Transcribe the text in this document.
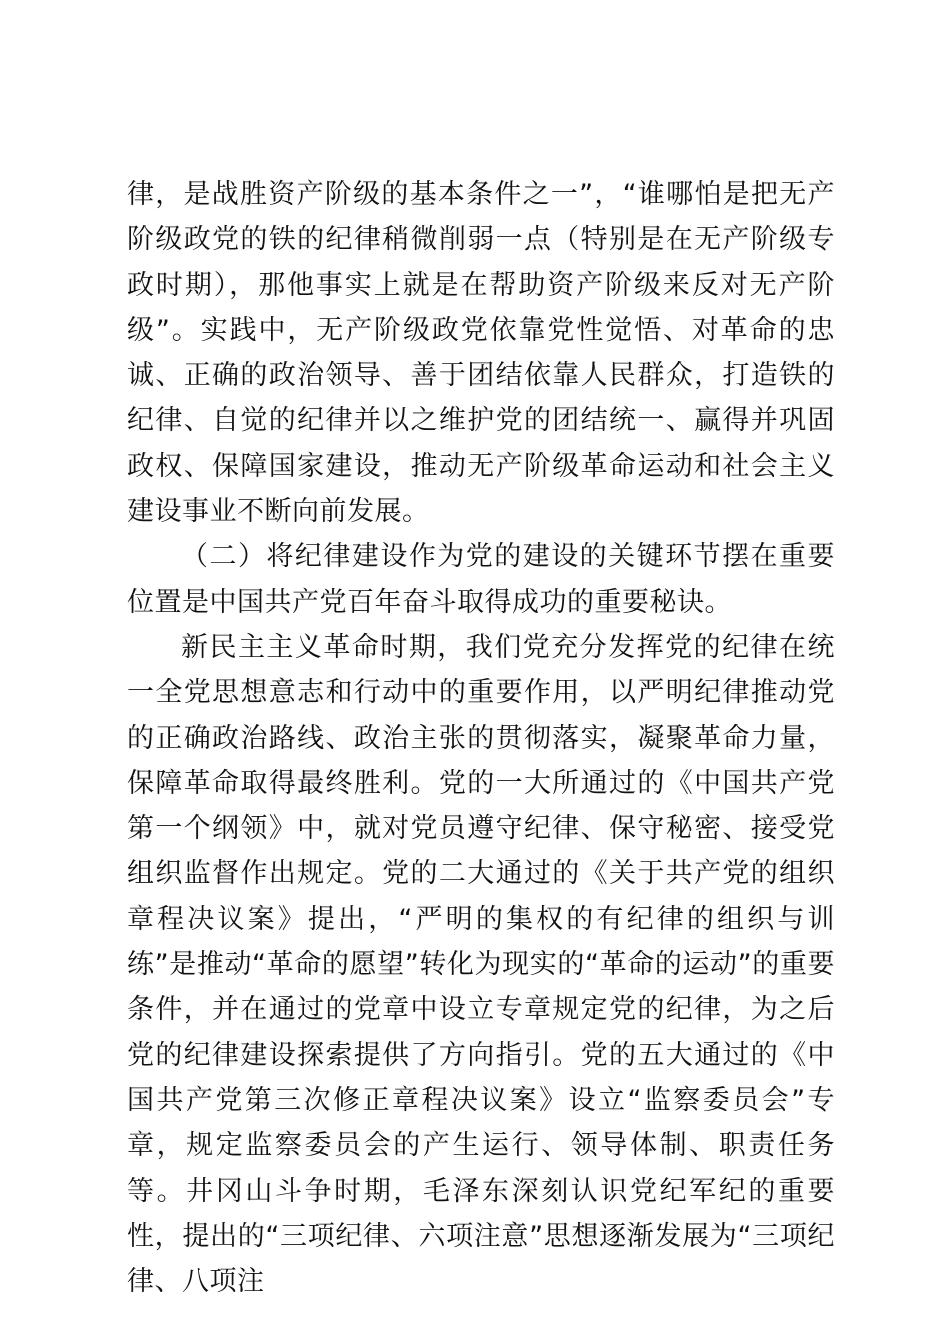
律，是战胜资产阶级的基本条件之一”，“谁哪怕是把无产阶级政党的铁的纪律稍微削弱一点（特别是在无产阶级专政时期），那他事实上就是在帮助资产阶级来反对无产阶级”。实践中，无产阶级政党依靠党性觉悟、对革命的忠诚、正确的政治领导、善于团结依靠人民群众，打造铁的纪律、自觉的纪律并以之维护党的团结统一、赢得并巩固政权、保障国家建设，推动无产阶级革命运动和社会主义建设事业不断向前发展。

（二）将纪律建设作为党的建设的关键环节摆在重要位置是中国共产党百年奋斗取得成功的重要秘诀。

新民主主义革命时期，我们党充分发挥党的纪律在统一全党思想意志和行动中的重要作用，以严明纪律推动党的正确政治路线、政治主张的贯彻落实，凝聚革命力量，保障革命取得最终胜利。党的一大所通过的《中国共产党第一个纲领》中，就对党员遵守纪律、保守秘密、接受党组织监督作出规定。党的二大通过的《关于共产党的组织章程决议案》提出，“严明的集权的有纪律的组织与训练”是推动“革命的愿望”转化为现实的“革命的运动”的重要条件，并在通过的党章中设立专章规定党的纪律，为之后党的纪律建设探索提供了方向指引。党的五大通过的《中国共产党第三次修正章程决议案》设立“监察委员会”专章，规定监察委员会的产生运行、领导体制、职责任务等。井冈山斗争时期，毛泽东深刻认识党纪军纪的重要性，提出的“三项纪律、六项注意”思想逐渐发展为“三项纪律、八项注
